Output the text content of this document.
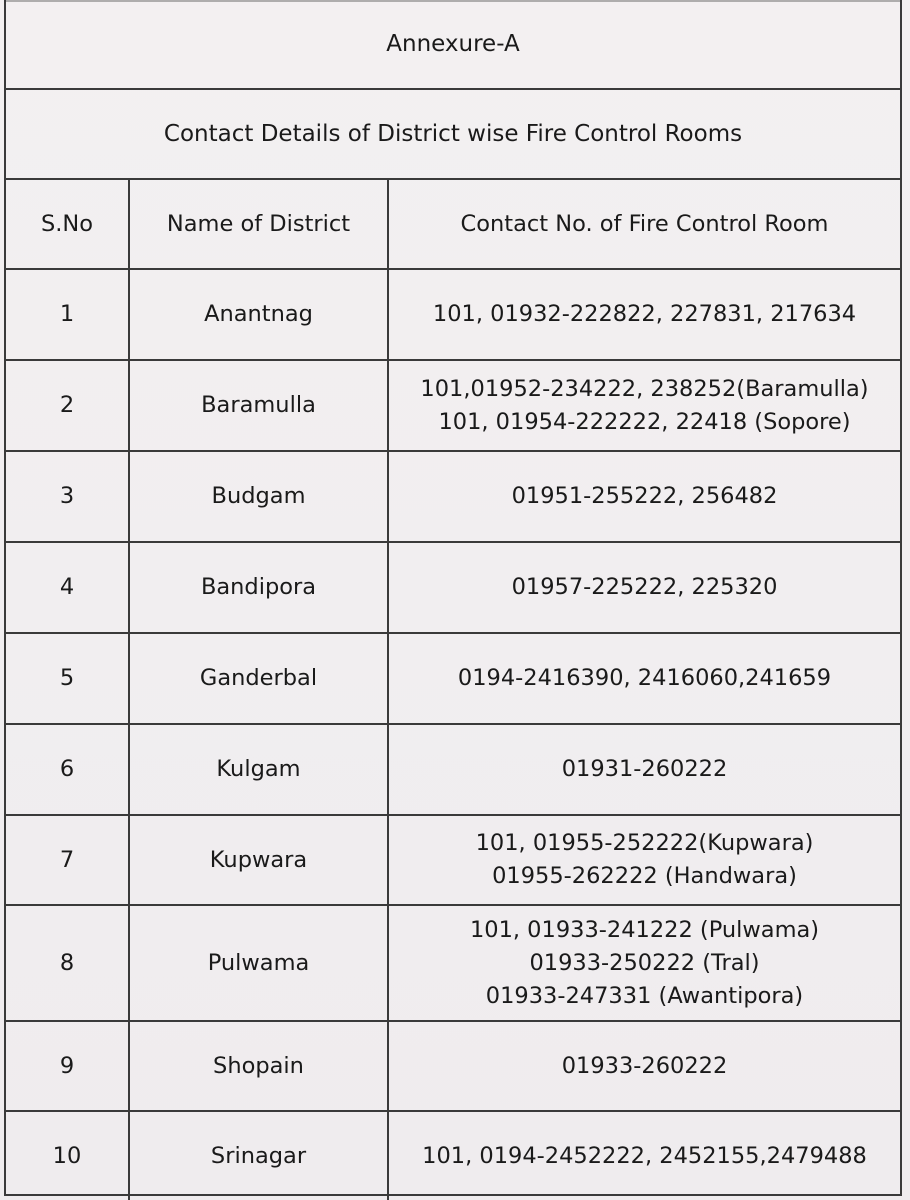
Annexure-A
Contact Details of District wise Fire Control Rooms
S.No	Name of District	Contact No. of Fire Control Room
1	Anantnag	101, 01932-222822, 227831, 217634

2	Baramulla	101,01952-234222, 238252(Baramulla)
101, 01954-222222, 22418 (Sopore)

3	Budgam	01951-255222, 256482

4	Bandipora	01957-225222, 225320

5	Ganderbal	0194-2416390, 2416060,241659

6	Kulgam	01931-260222

7	Kupwara	101, 01955-252222(Kupwara)
01955-262222 (Handwara)

8	Pulwama	101, 01933-241222 (Pulwama)
01933-250222 (Tral)
01933-247331 (Awantipora)

9	Shopain	01933-260222

10	Srinagar	101, 0194-2452222, 2452155,2479488
